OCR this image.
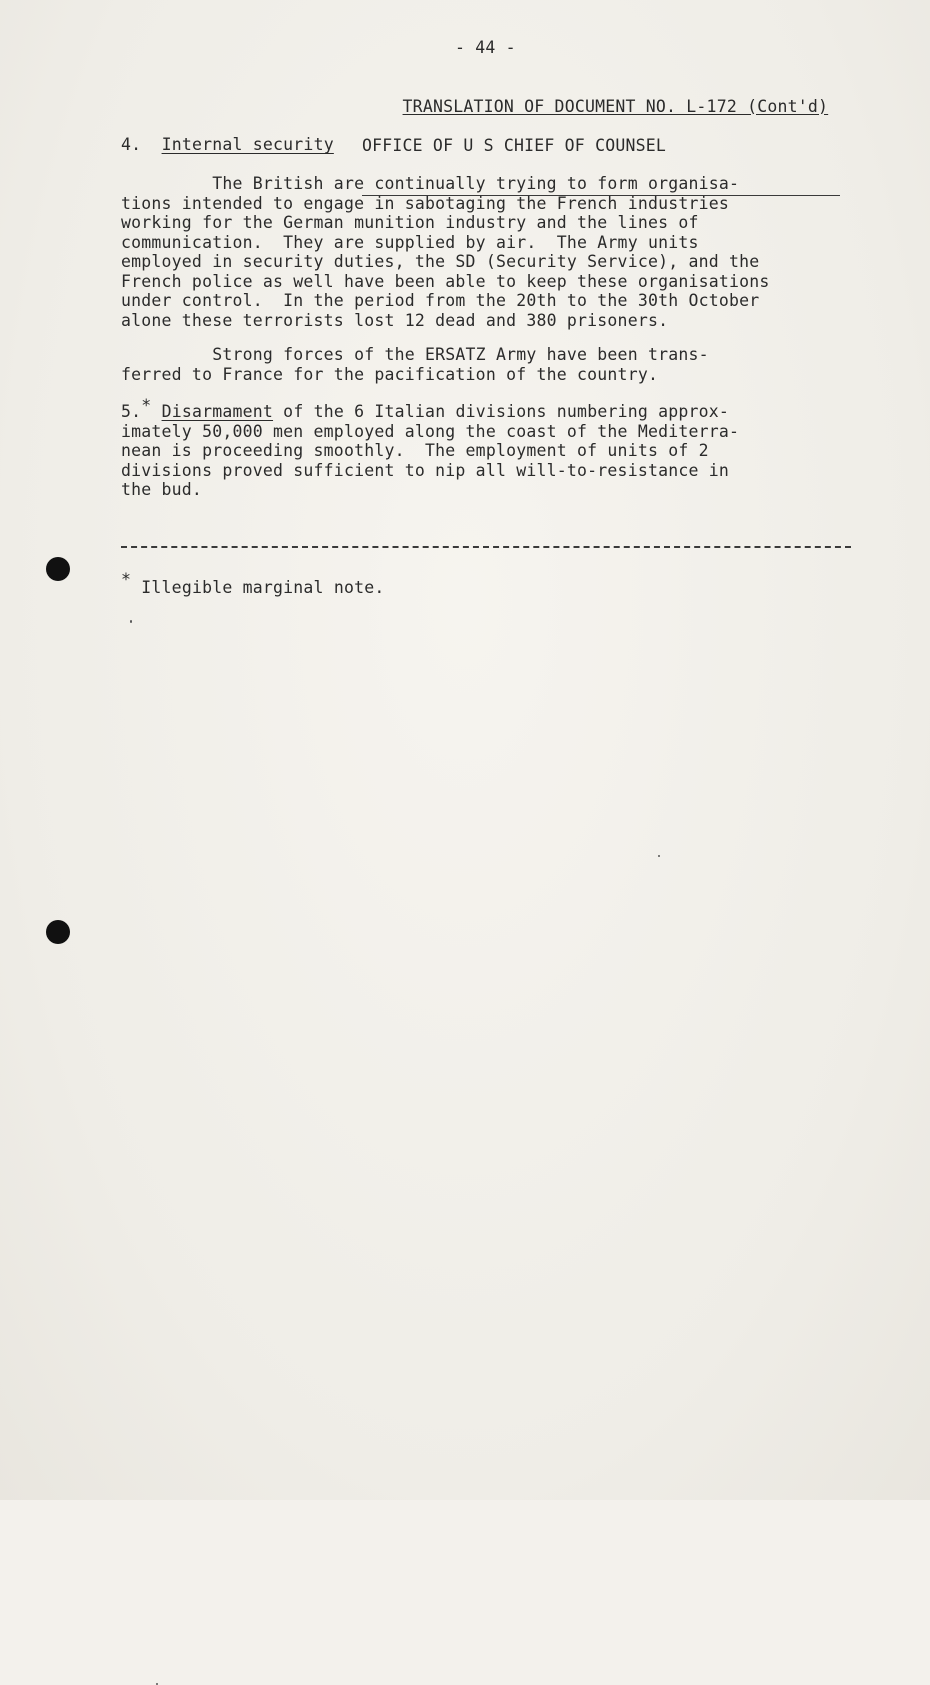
- 44 -

TRANSLATION OF DOCUMENT NO. L-172 (Cont'd)

OFFICE OF U S CHIEF OF COUNSEL

4. Internal security

The British are continually trying to form organisa-
tions intended to engage in sabotaging the French industries
working for the German munition industry and the lines of
communication.  They are supplied by air.  The Army units
employed in security duties, the SD (Security Service), and the
French police as well have been able to keep these organisations
under control.  In the period from the 20th to the 30th October
alone these terrorists lost 12 dead and 380 prisoners.

Strong forces of the ERSATZ Army have been trans-
ferred to France for the pacification of the country.

5.* Disarmament of the 6 Italian divisions numbering approx-
imately 50,000 men employed along the coast of the Mediterra-
nean is proceeding smoothly.  The employment of units of 2
divisions proved sufficient to nip all will-to-resistance in
the bud.
* Illegible marginal note.
